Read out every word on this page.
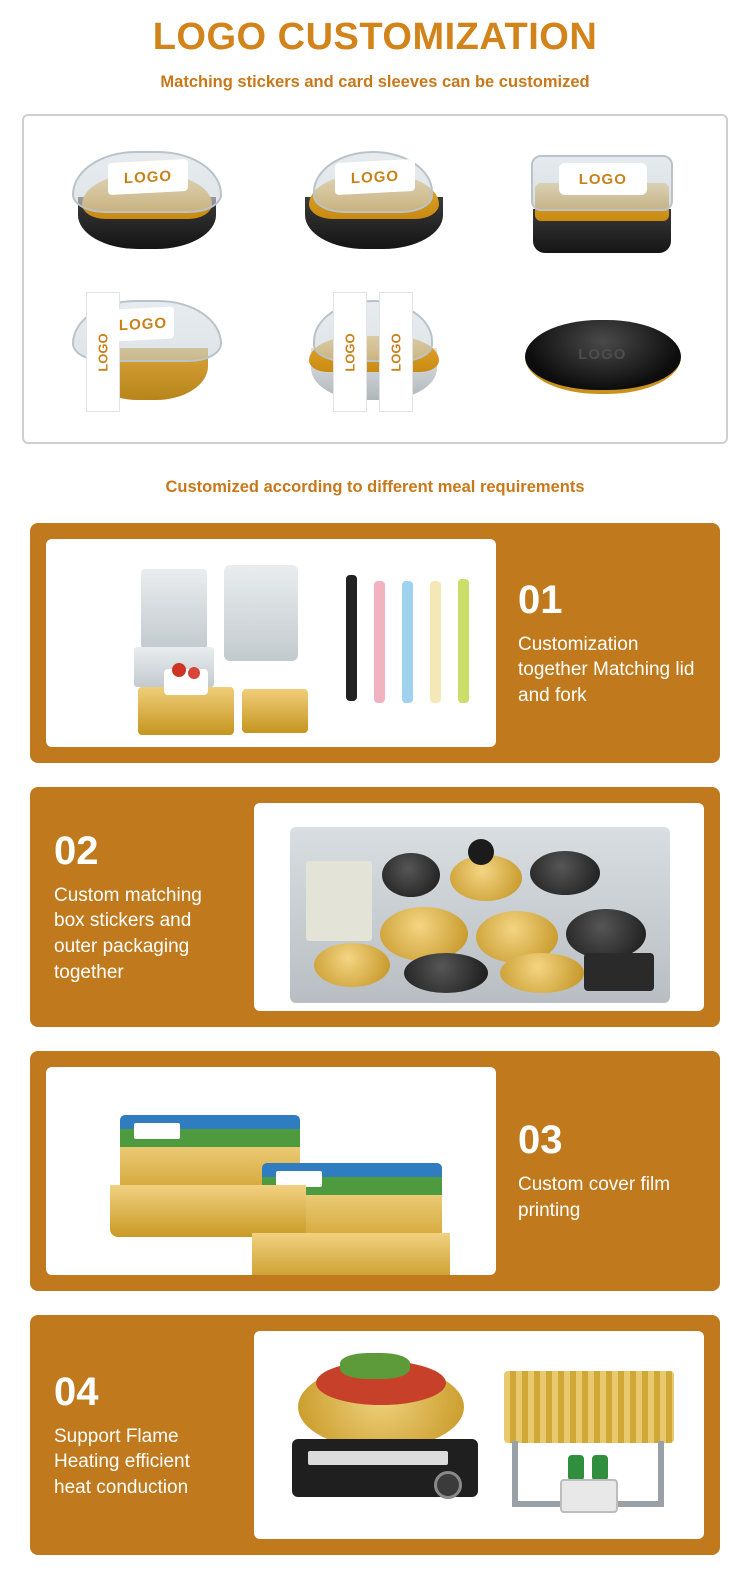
LOGO CUSTOMIZATION
Matching stickers and card sleeves can be customized
LOGO	LOGO	LOGO
LOGO
LOGO
LOGO LOGO	LOGO
Customized according to different meal requirements
01
Customization together Matching lid and fork
02
Custom matching box stickers and outer packaging together
03
Custom cover film printing
04
Support Flame Heating efficient heat conduction
